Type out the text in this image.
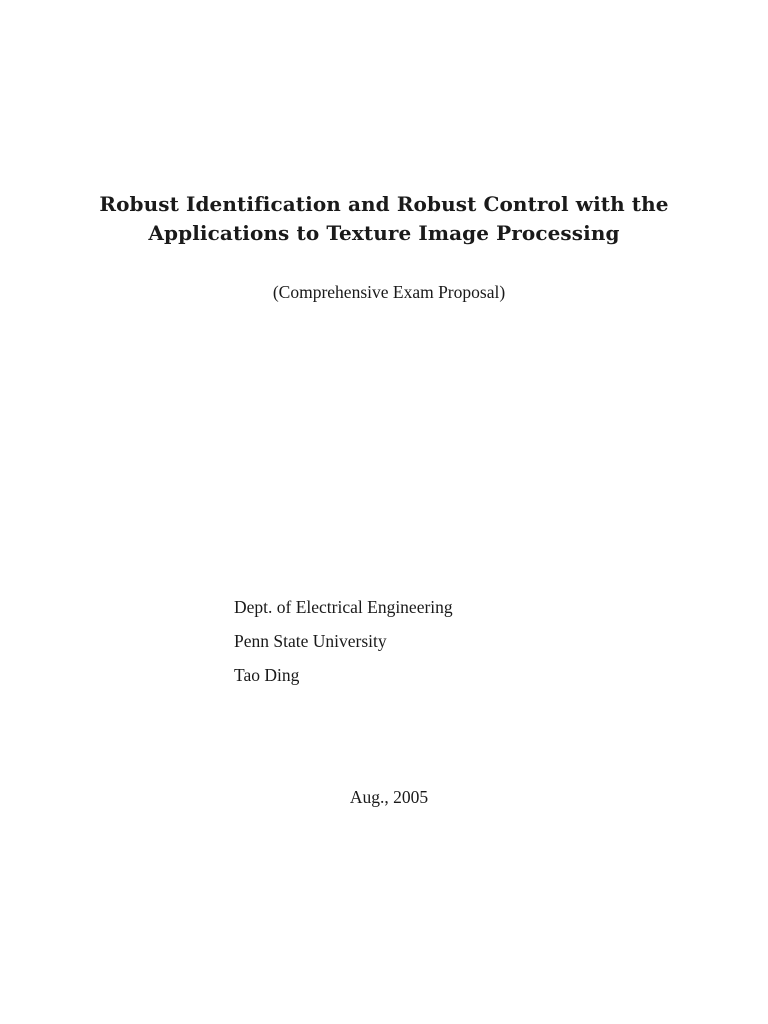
Robust Identification and Robust Control with the
Applications to Texture Image Processing
(Comprehensive Exam Proposal)
Dept. of Electrical Engineering
Penn State University
Tao Ding
Aug., 2005
